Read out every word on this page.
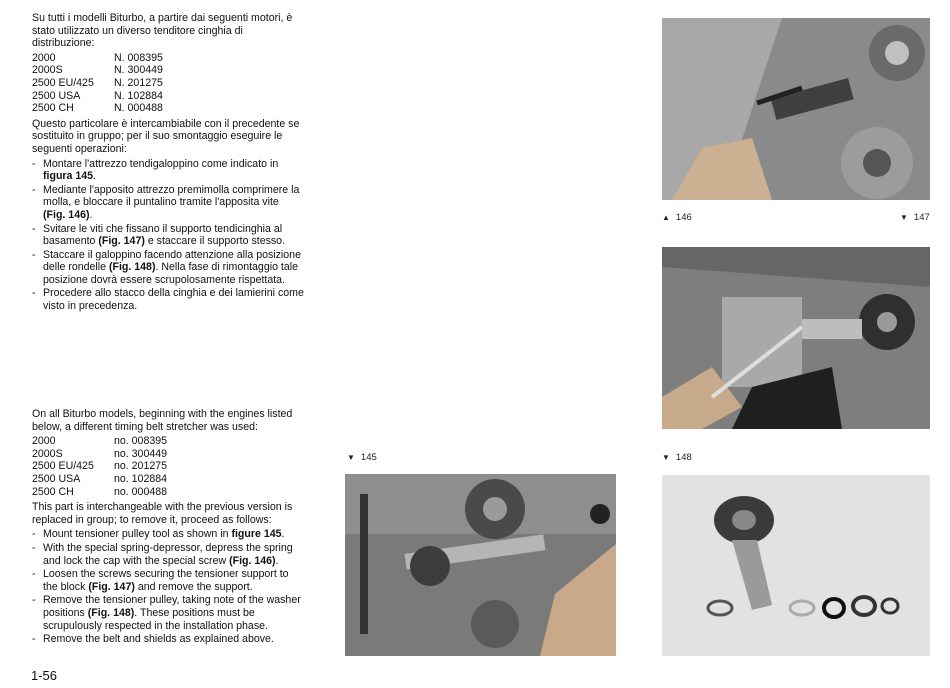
Su tutti i modelli Biturbo, a partire dai seguenti motori, è stato utilizzato un diverso tenditore cinghia di distribuzione:

2000	N. 008395
2000S	N. 300449
2500 EU/425	N. 201275
2500 USA	N. 102884
2500 CH	N. 000488

Questo particolare è intercambiabile con il precedente se sostituito in gruppo; per il suo smontaggio eseguire le seguenti operazioni:

- Montare l'attrezzo tendigaloppino come indicato in figura 145.
- Mediante l'apposito attrezzo premimolla comprimere la molla, e bloccare il puntalino tramite l'apposita vite (Fig. 146).
- Svitare le viti che fissano il supporto tendicinghia al basamento (Fig. 147) e staccare il supporto stesso.
- Staccare il galoppino facendo attenzione alla posizione delle rondelle (Fig. 148). Nella fase di rimontaggio tale posizione dovrà essere scrupolosamente rispettata.
- Procedere allo stacco della cinghia e dei lamierini come visto in precedenza.

On all Biturbo models, beginning with the engines listed below, a different timing belt stretcher was used:

2000	no. 008395
2000S	no. 300449
2500 EU/425	no. 201275
2500 USA	no. 102884
2500 CH	no. 000488

This part is interchangeable with the previous version is replaced in group; to remove it, proceed as follows:

- Mount tensioner pulley tool as shown in figure 145.
- With the special spring-depressor, depress the spring and lock the cap with the special screw (Fig. 146).
- Loosen the screws securing the tensioner support to the block (Fig. 147) and remove the support.
- Remove the tensioner pulley, taking note of the washer positions (Fig. 148). These positions must be scrupulously respected in the installation phase.
- Remove the belt and shields as explained above.
1-56
▼ 145
▲ 146	▼ 147
▼ 148
